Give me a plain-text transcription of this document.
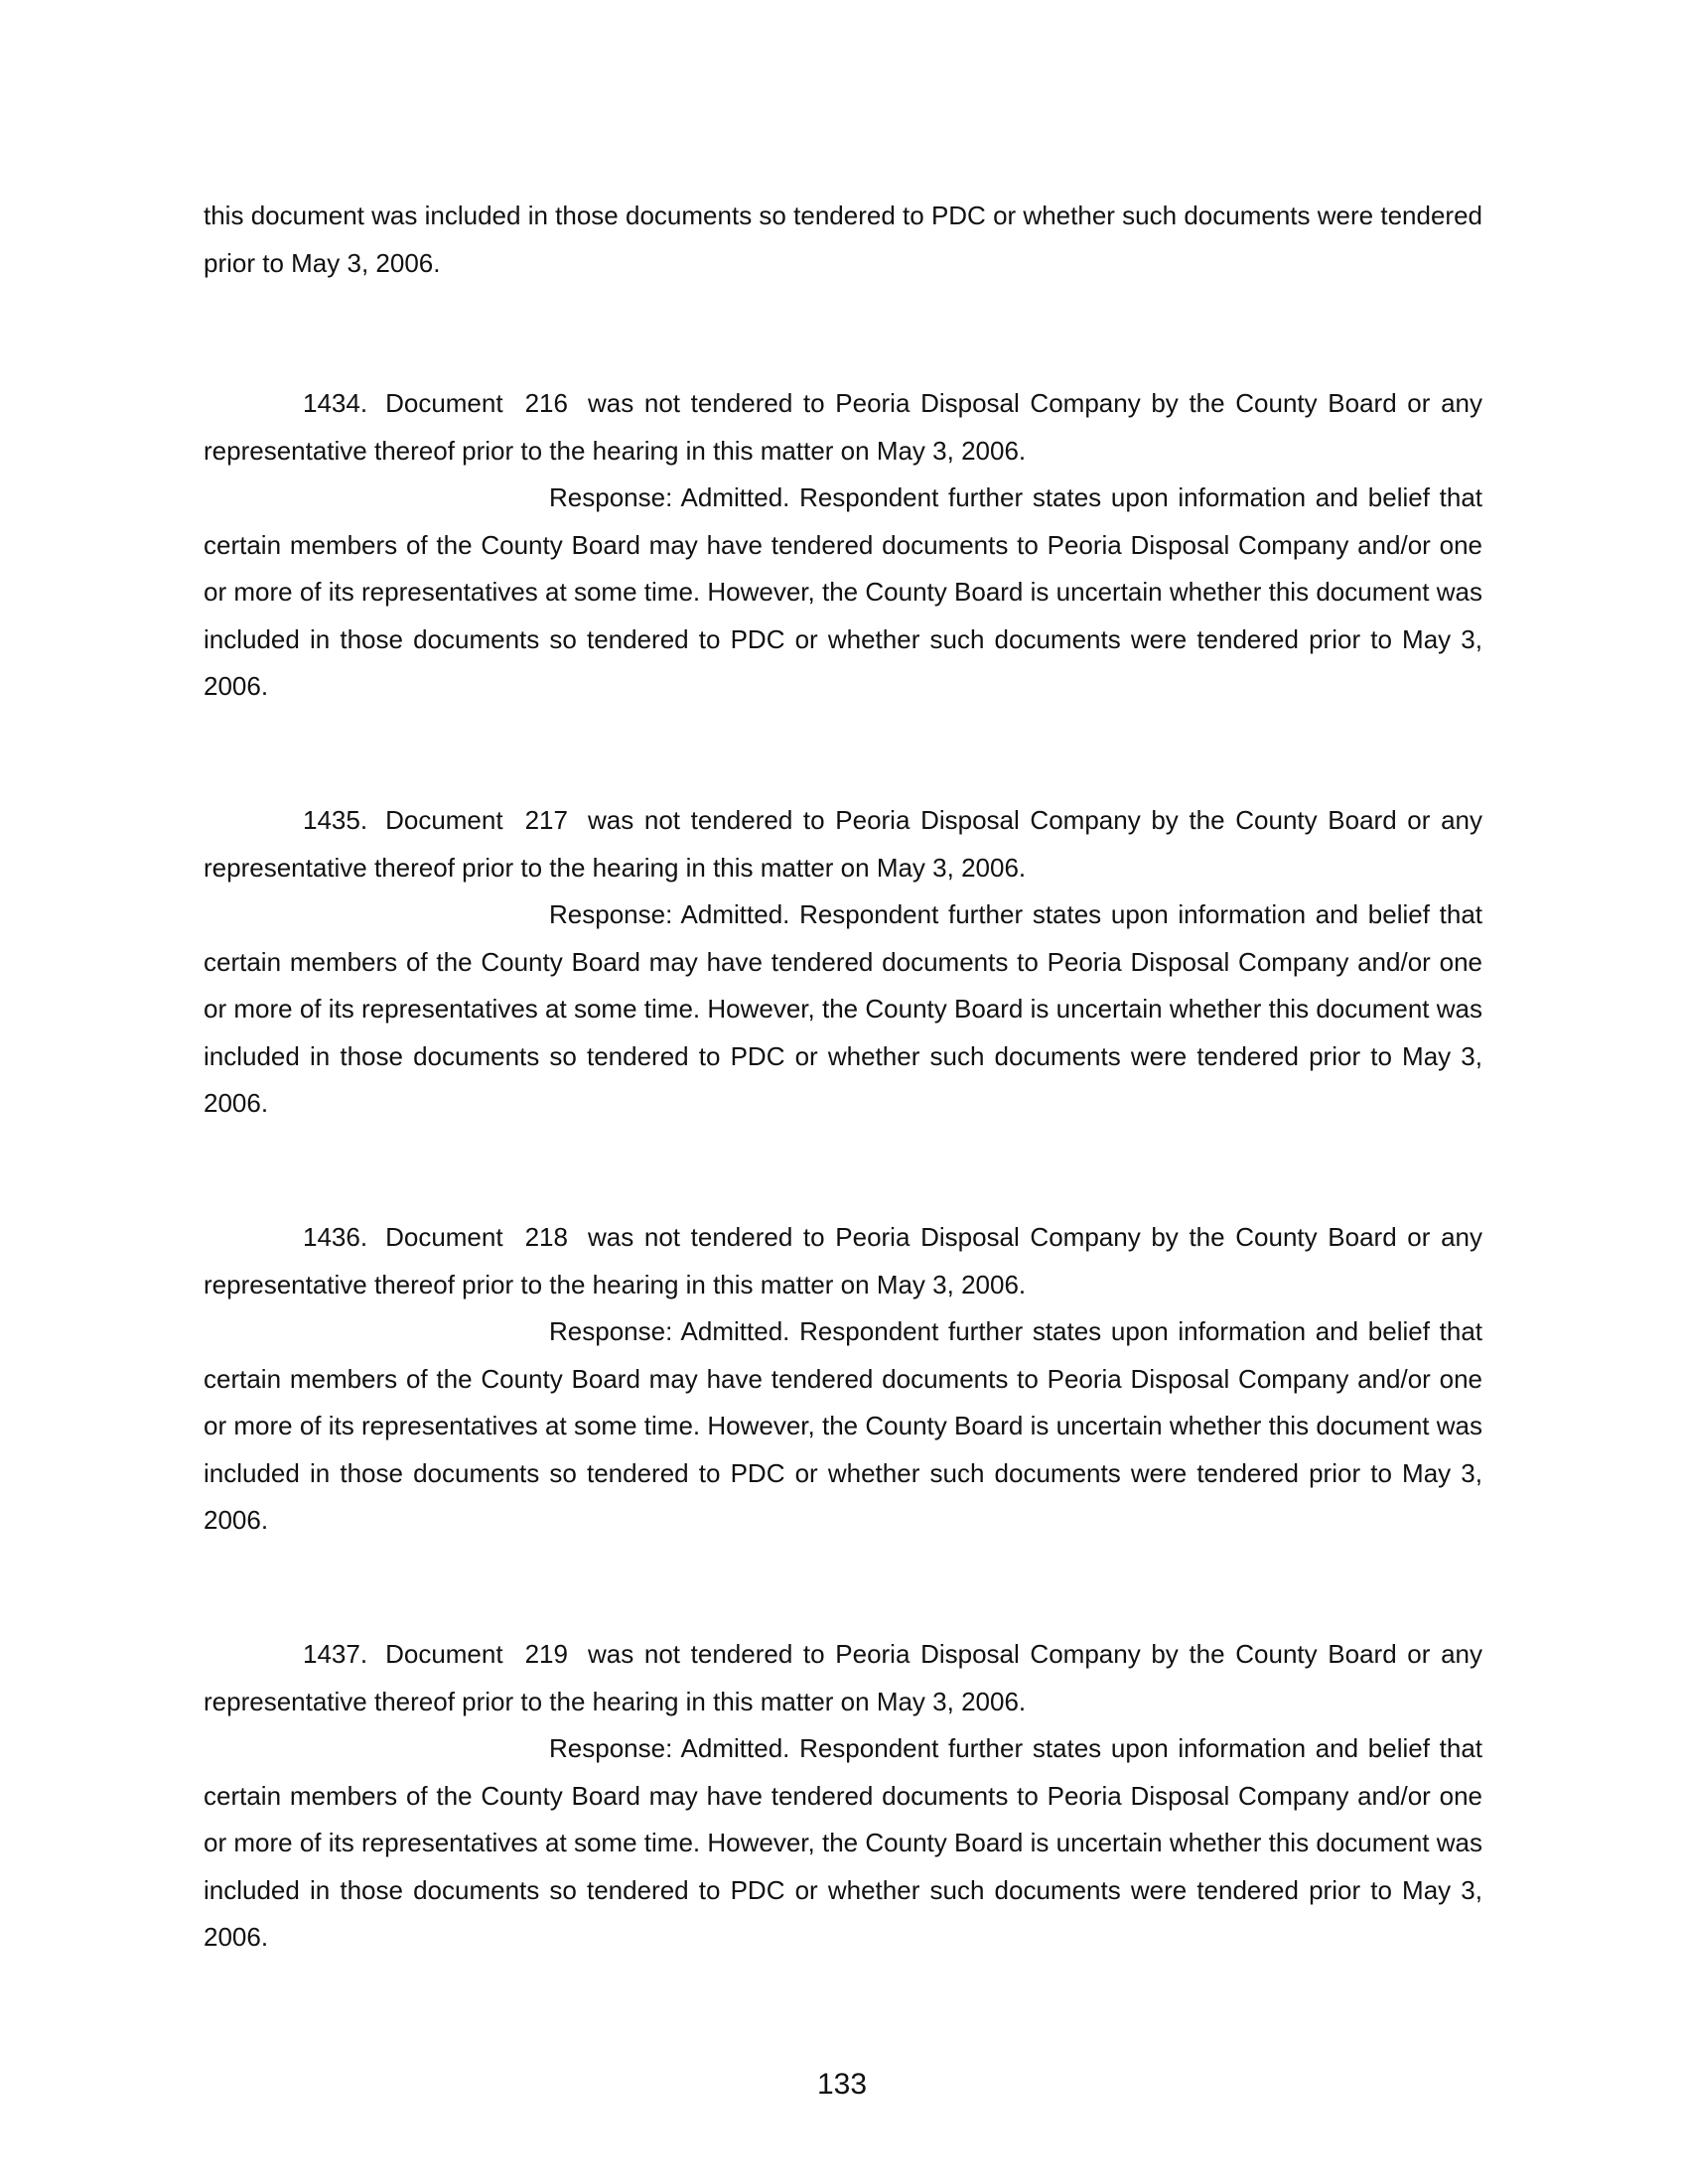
this document was included in those documents so tendered to PDC or whether such documents were tendered prior to May 3, 2006.
1434. Document 216 was not tendered to Peoria Disposal Company by the County Board or any representative thereof prior to the hearing in this matter on May 3, 2006.
Response: Admitted. Respondent further states upon information and belief that certain members of the County Board may have tendered documents to Peoria Disposal Company and/or one or more of its representatives at some time. However, the County Board is uncertain whether this document was included in those documents so tendered to PDC or whether such documents were tendered prior to May 3, 2006.
1435. Document 217 was not tendered to Peoria Disposal Company by the County Board or any representative thereof prior to the hearing in this matter on May 3, 2006.
Response: Admitted. Respondent further states upon information and belief that certain members of the County Board may have tendered documents to Peoria Disposal Company and/or one or more of its representatives at some time. However, the County Board is uncertain whether this document was included in those documents so tendered to PDC or whether such documents were tendered prior to May 3, 2006.
1436. Document 218 was not tendered to Peoria Disposal Company by the County Board or any representative thereof prior to the hearing in this matter on May 3, 2006.
Response: Admitted. Respondent further states upon information and belief that certain members of the County Board may have tendered documents to Peoria Disposal Company and/or one or more of its representatives at some time. However, the County Board is uncertain whether this document was included in those documents so tendered to PDC or whether such documents were tendered prior to May 3, 2006.
1437. Document 219 was not tendered to Peoria Disposal Company by the County Board or any representative thereof prior to the hearing in this matter on May 3, 2006.
Response: Admitted. Respondent further states upon information and belief that certain members of the County Board may have tendered documents to Peoria Disposal Company and/or one or more of its representatives at some time. However, the County Board is uncertain whether this document was included in those documents so tendered to PDC or whether such documents were tendered prior to May 3, 2006.
133
